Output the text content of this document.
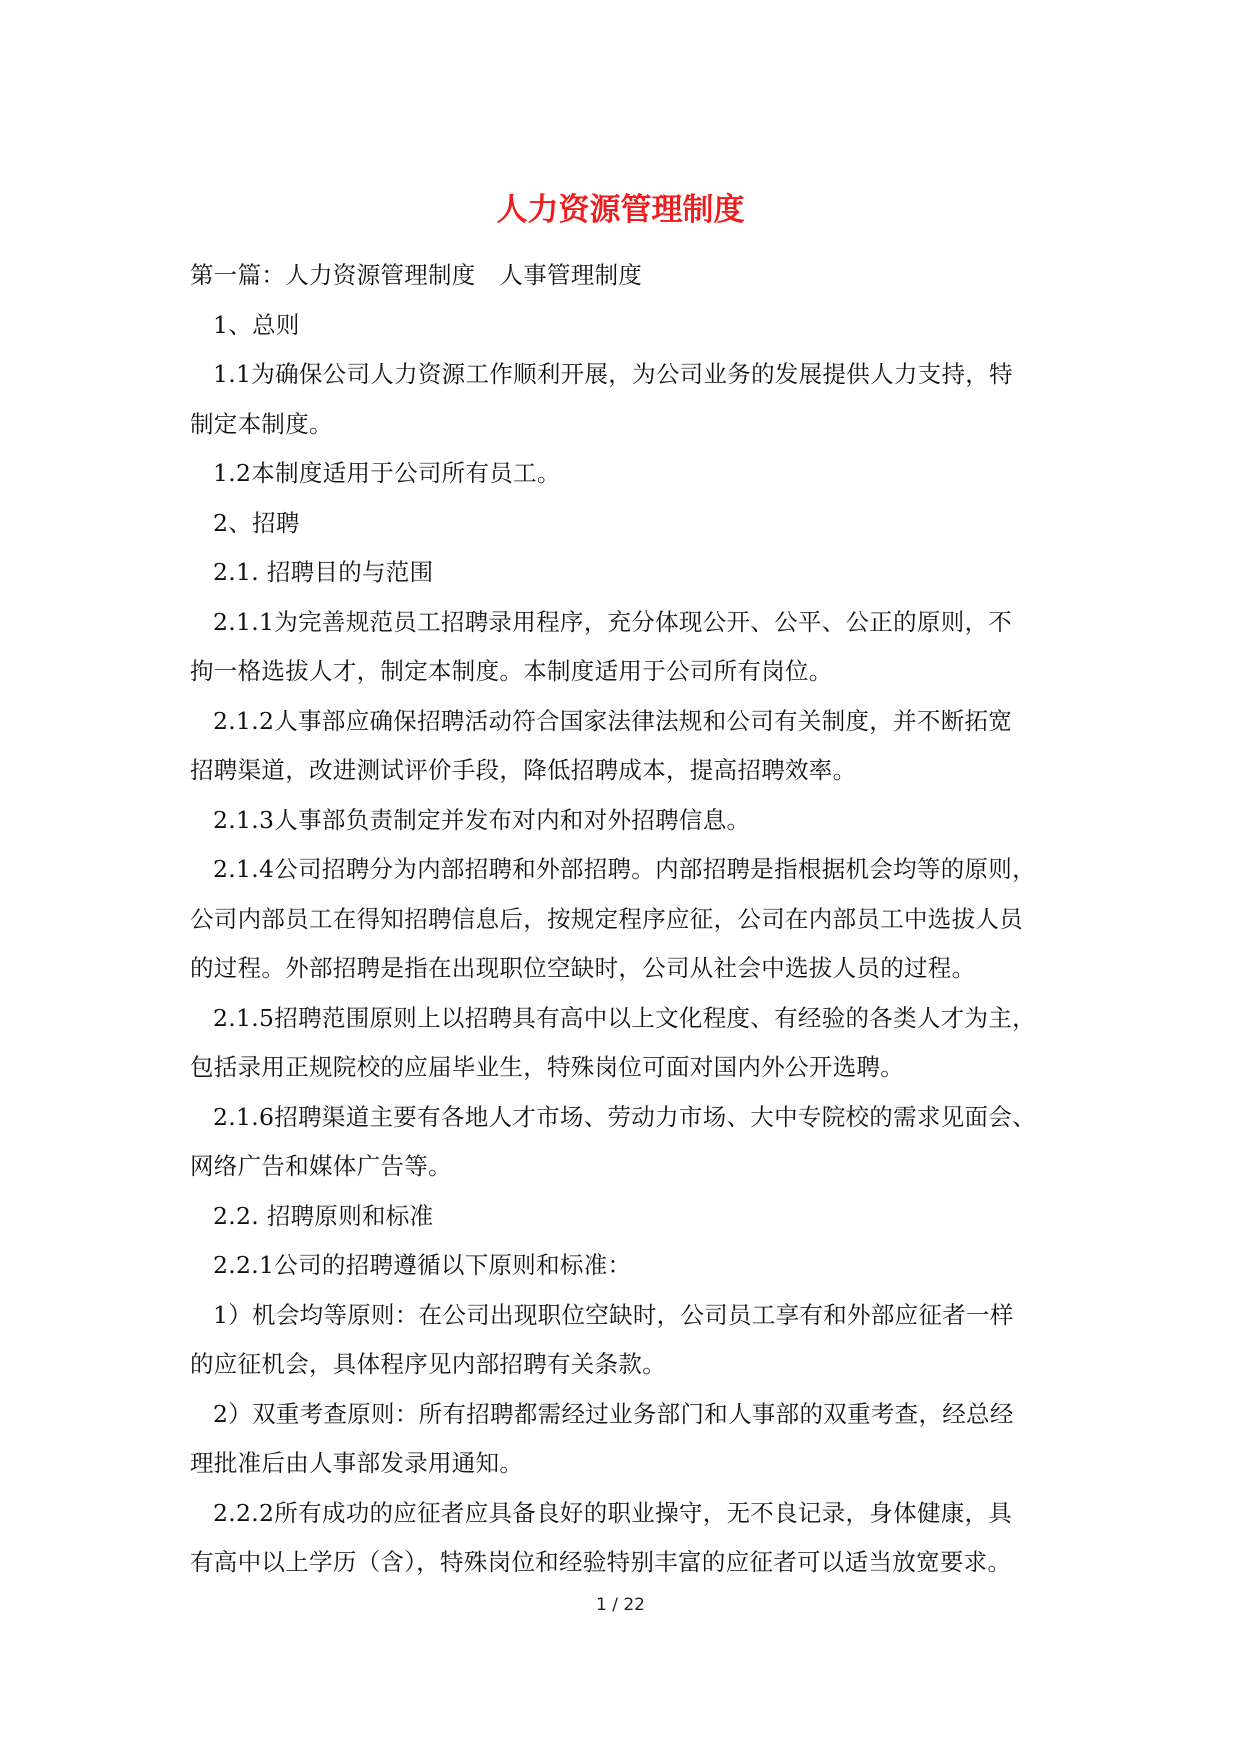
人力资源管理制度

第一篇：人力资源管理制度　人事管理制度

1、总则

1.1为确保公司人力资源工作顺利开展，为公司业务的发展提供人力支持，特

制定本制度。

1.2本制度适用于公司所有员工。

2、招聘

2.1. 招聘目的与范围

2.1.1为完善规范员工招聘录用程序，充分体现公开、公平、公正的原则，不

拘一格选拔人才，制定本制度。本制度适用于公司所有岗位。

2.1.2人事部应确保招聘活动符合国家法律法规和公司有关制度，并不断拓宽

招聘渠道，改进测试评价手段，降低招聘成本，提高招聘效率。

2.1.3人事部负责制定并发布对内和对外招聘信息。

2.1.4公司招聘分为内部招聘和外部招聘。内部招聘是指根据机会均等的原则，

公司内部员工在得知招聘信息后，按规定程序应征，公司在内部员工中选拔人员

的过程。外部招聘是指在出现职位空缺时，公司从社会中选拔人员的过程。

2.1.5招聘范围原则上以招聘具有高中以上文化程度、有经验的各类人才为主，

包括录用正规院校的应届毕业生，特殊岗位可面对国内外公开选聘。

2.1.6招聘渠道主要有各地人才市场、劳动力市场、大中专院校的需求见面会、

网络广告和媒体广告等。

2.2. 招聘原则和标准

2.2.1公司的招聘遵循以下原则和标准：

1）机会均等原则：在公司出现职位空缺时，公司员工享有和外部应征者一样

的应征机会，具体程序见内部招聘有关条款。

2）双重考查原则：所有招聘都需经过业务部门和人事部的双重考查，经总经

理批准后由人事部发录用通知。

2.2.2所有成功的应征者应具备良好的职业操守，无不良记录，身体健康，具

有高中以上学历（含），特殊岗位和经验特别丰富的应征者可以适当放宽要求。

1 / 22
